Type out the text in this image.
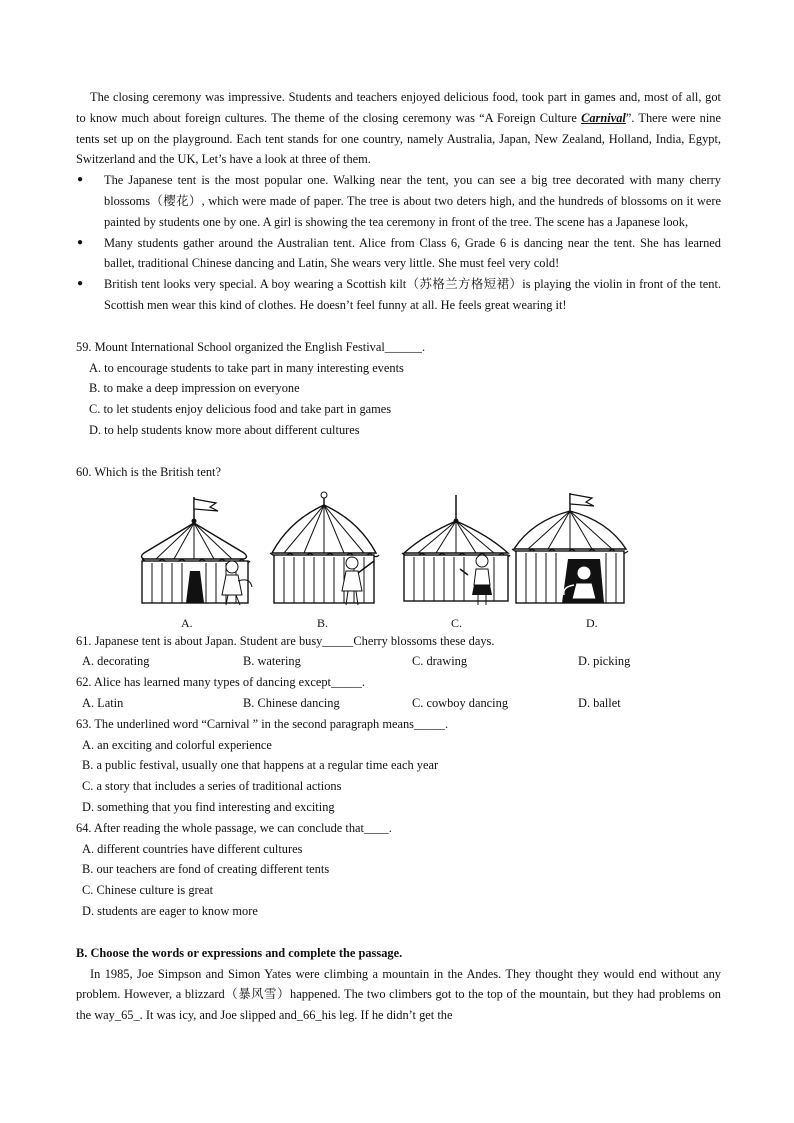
The closing ceremony was impressive. Students and teachers enjoyed delicious food, took part in games and, most of all, got to know much about foreign cultures. The theme of the closing ceremony was “A Foreign Culture Carnival”. There were nine tents set up on the playground. Each tent stands for one country, namely Australia, Japan, New Zealand, Holland, India, Egypt, Switzerland and the UK, Let’s have a look at three of them.

●	The Japanese tent is the most popular one. Walking near the tent, you can see a big tree decorated with many cherry blossoms（樱花）, which were made of paper. The tree is about two deters high, and the hundreds of blossoms on it were painted by students one by one. A girl is showing the tea ceremony in front of the tree. The scene has a Japanese look,

●	Many students gather around the Australian tent. Alice from Class 6, Grade 6 is dancing near the tent. She has learned ballet, traditional Chinese dancing and Latin, She wears very little. She must feel very cold!

●	British tent looks very special. A boy wearing a Scottish kilt（苏格兰方格短裙）is playing the violin in front of the tent. Scottish men wear this kind of clothes. He doesn’t feel funny at all. He feels great wearing it!

59. Mount International School organized the English Festival______.

A. to encourage students to take part in many interesting events

B. to make a deep impression on everyone

C. to let students enjoy delicious food and take part in games

D. to help students know more about different cultures

60. Which is the British tent?

A.	B.	C.	D.

61. Japanese tent is about Japan. Student are busy_____Cherry blossoms these days.

A. decorating	B. watering	C. drawing	D. picking

62. Alice has learned many types of dancing except_____.

A. Latin	B. Chinese dancing	C. cowboy dancing	D. ballet

63. The underlined word “Carnival ” in the second paragraph means_____.

A. an exciting and colorful experience

B. a public festival, usually one that happens at a regular time each year

C. a story that includes a series of traditional actions

D. something that you find interesting and exciting

64. After reading the whole passage, we can conclude that____.

A. different countries have different cultures

B. our teachers are fond of creating different tents

C. Chinese culture is great

D. students are eager to know more

B. Choose the words or expressions and complete the passage.

In 1985, Joe Simpson and Simon Yates were climbing a mountain in the Andes. They thought they would end without any problem. However, a blizzard（暴风雪）happened. The two climbers got to the top of the mountain, but they had problems on the way_65_. It was icy, and Joe slipped and_66_his leg. If he didn’t get the
